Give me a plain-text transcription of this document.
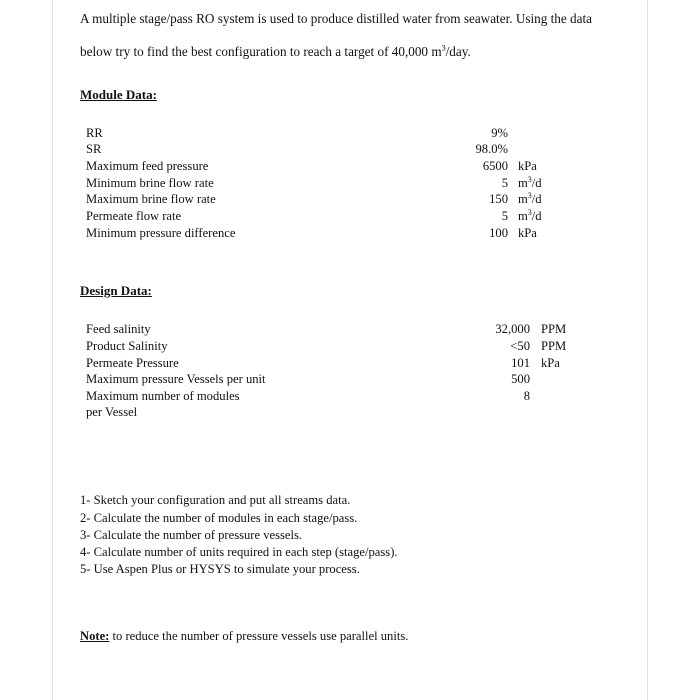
A multiple stage/pass RO system is used to produce distilled water from seawater. Using the data
below try to find the best configuration to reach a target of 40,000 $m^3$/day.
Module Data:
RR	9%
SR	98.0%
Maximum feed pressure	6500 kPa
Minimum brine flow rate	5 $m^3/d$
Maximum brine flow rate	150 $m^3/d$
Permeate flow rate	5 $m^3/d$
Minimum pressure difference	100 kPa
Design Data:
Feed salinity	32,000 PPM
Product Salinity	<50 PPM
Permeate Pressure	101 kPa
Maximum pressure Vessels per unit	500
Maximum number of modules	8
per Vessel
1- Sketch your configuration and put all streams data.
2- Calculate the number of modules in each stage/pass.
3- Calculate the number of pressure vessels.
4- Calculate number of units required in each step (stage/pass).
5- Use Aspen Plus or HYSYS to simulate your process.
Note: to reduce the number of pressure vessels use parallel units.
